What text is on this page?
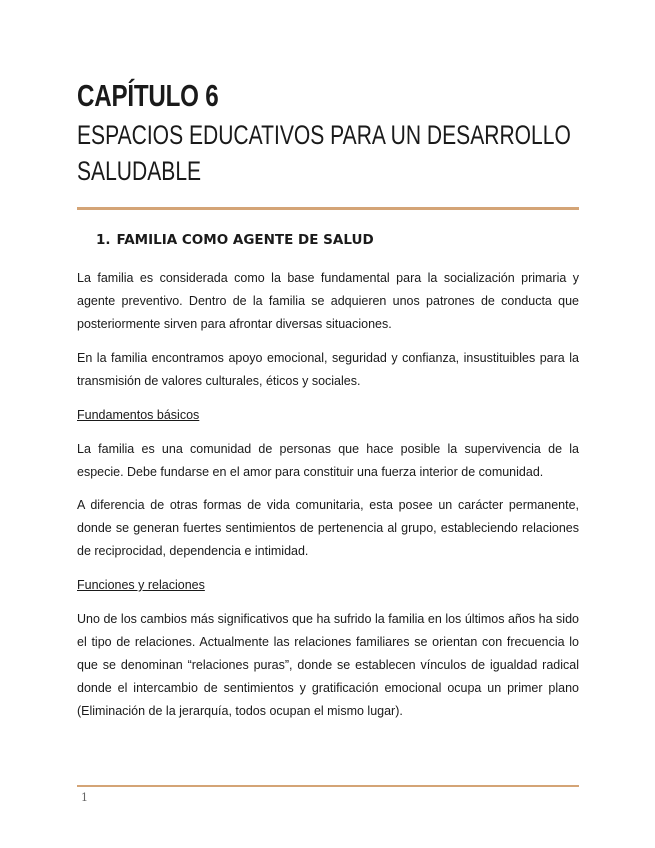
CAPÍTULO 6
ESPACIOS EDUCATIVOS PARA UN DESARROLLO
SALUDABLE
1. FAMILIA COMO AGENTE DE SALUD

La familia es considerada como la base fundamental para la socialización primaria y agente preventivo. Dentro de la familia se adquieren unos patrones de conducta que posteriormente sirven para afrontar diversas situaciones.

En la familia encontramos apoyo emocional, seguridad y confianza, insustituibles para la transmisión de valores culturales, éticos y sociales.

Fundamentos básicos

La familia es una comunidad de personas que hace posible la supervivencia de la especie. Debe fundarse en el amor para constituir una fuerza interior de comunidad.

A diferencia de otras formas de vida comunitaria, esta posee un carácter permanente, donde se generan fuertes sentimientos de pertenencia al grupo, estableciendo relaciones de reciprocidad, dependencia e intimidad.

Funciones y relaciones

Uno de los cambios más significativos que ha sufrido la familia en los últimos años ha sido el tipo de relaciones. Actualmente las relaciones familiares se orientan con frecuencia lo que se denominan “relaciones puras”, donde se establecen vínculos de igualdad radical donde el intercambio de sentimientos y gratificación emocional ocupa un primer plano (Eliminación de la jerarquía, todos ocupan el mismo lugar).

1
